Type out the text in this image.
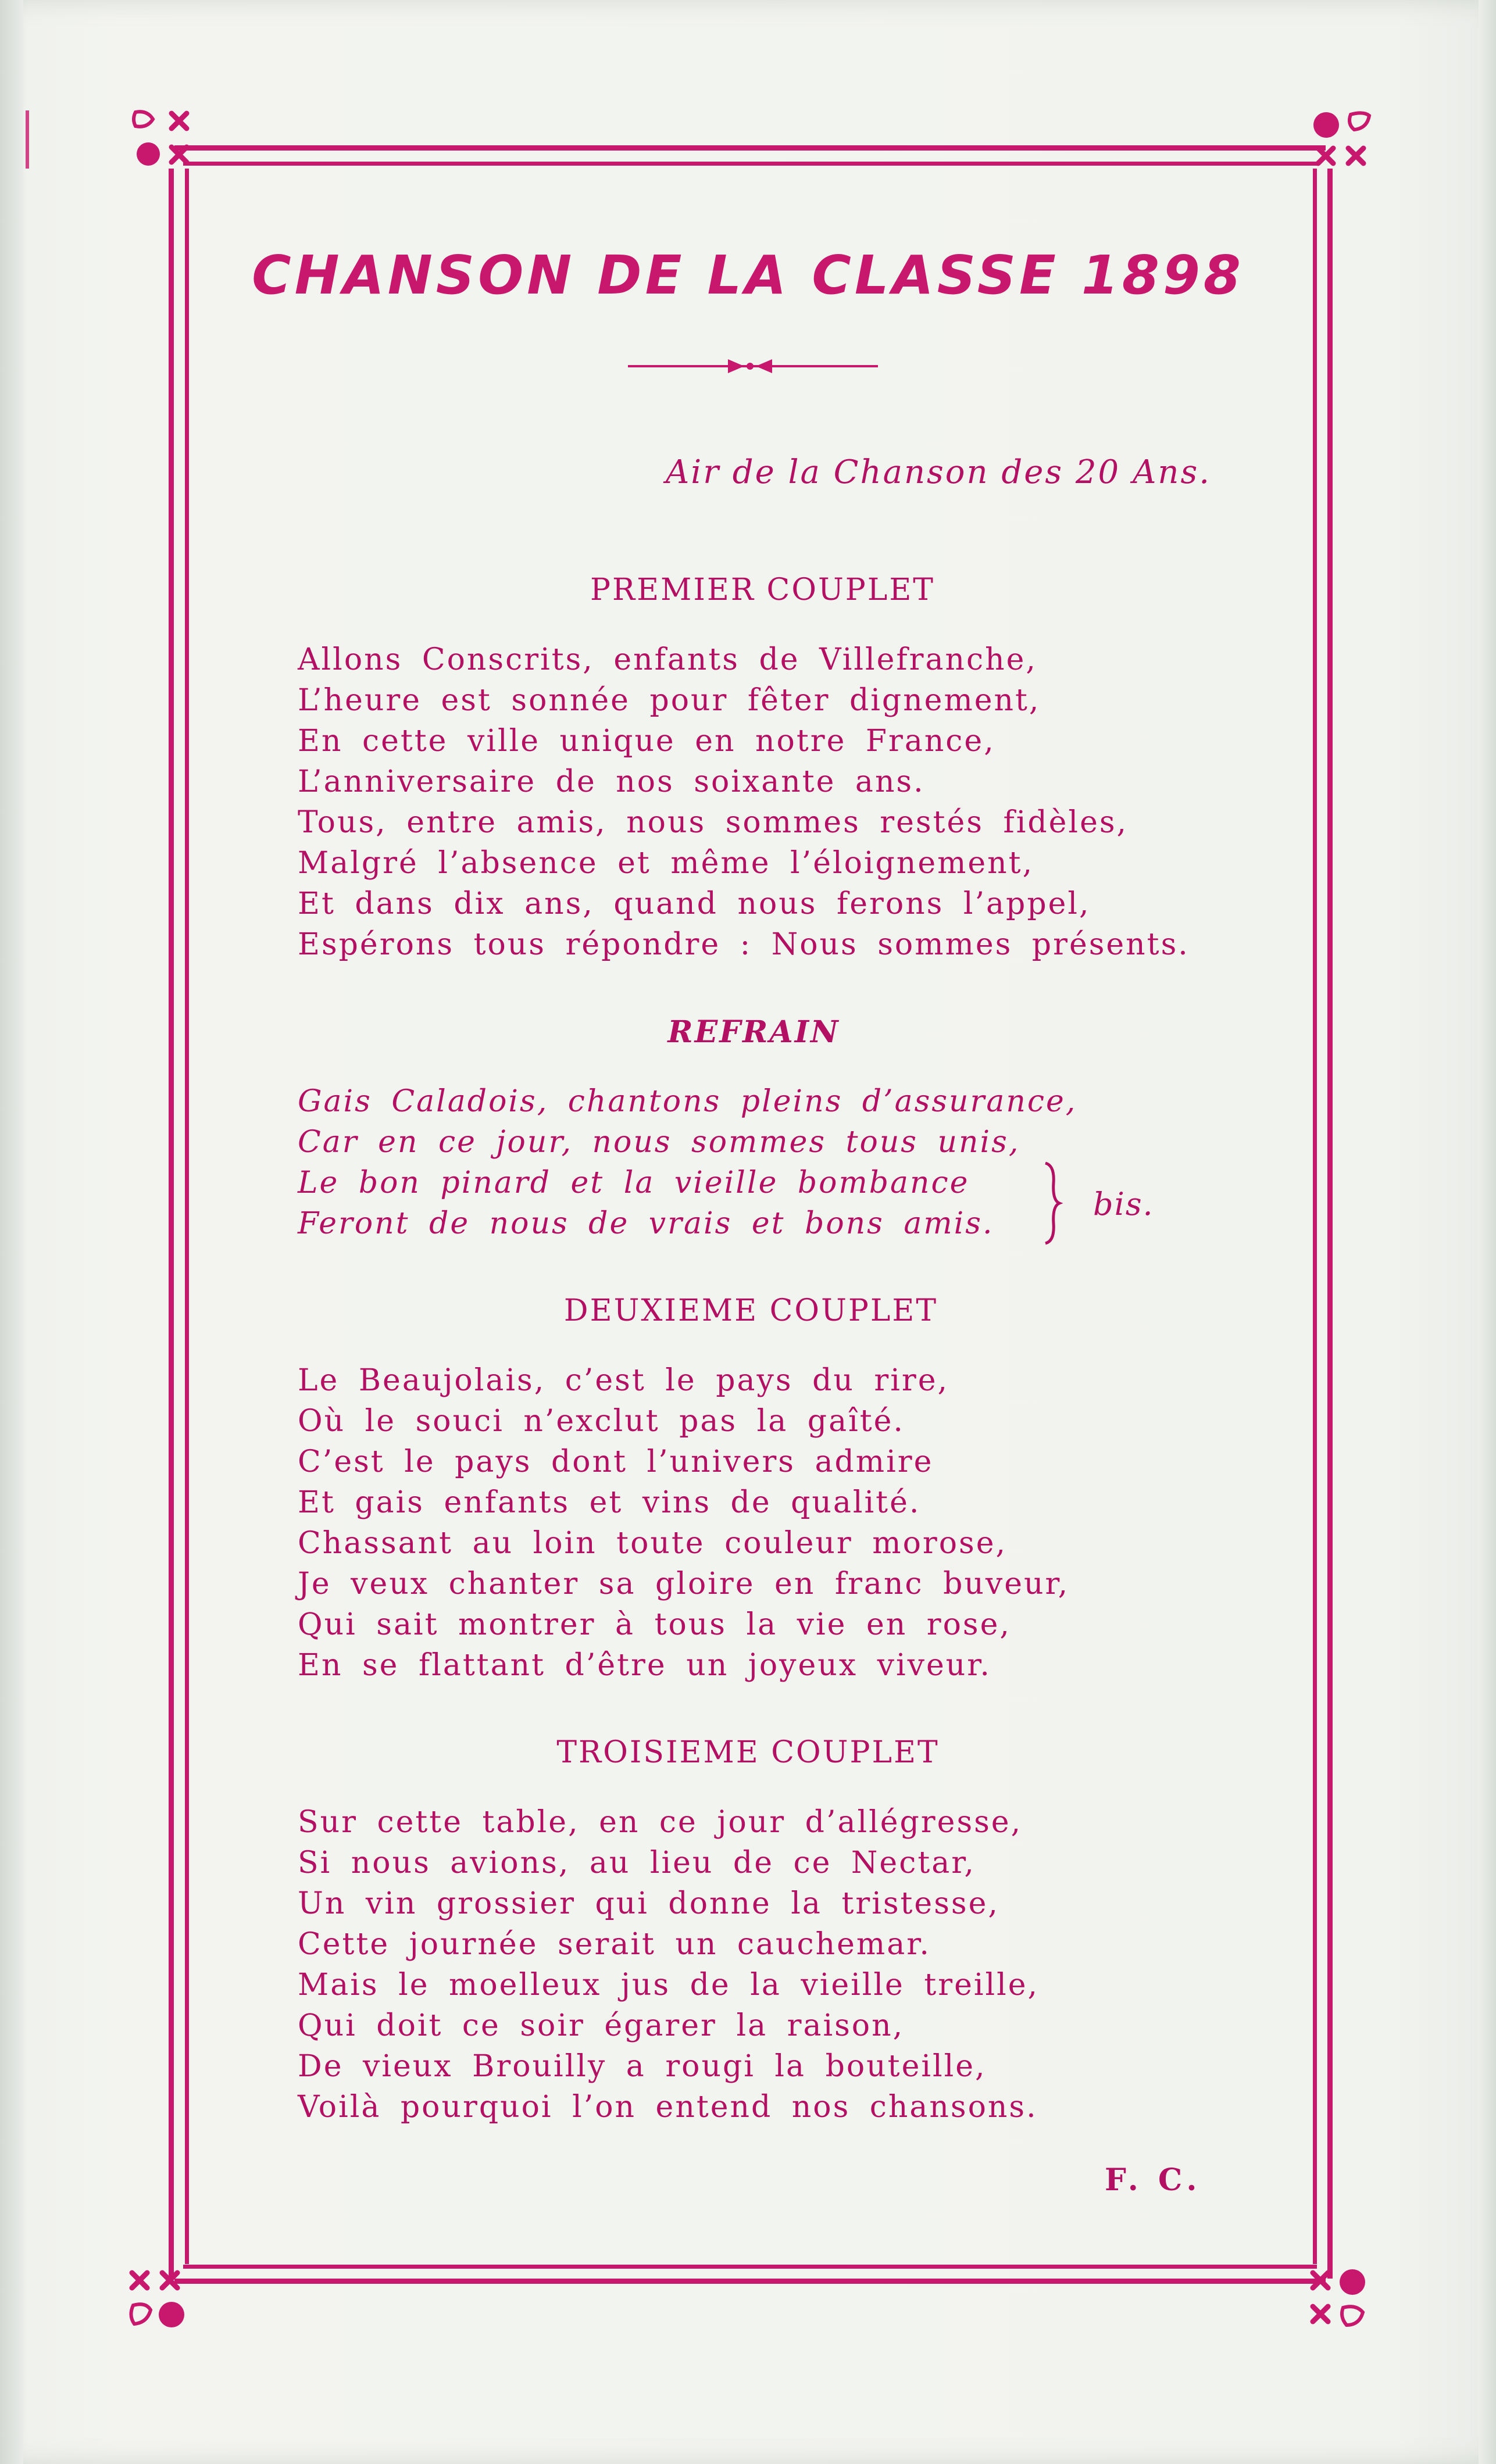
CHANSON DE LA CLASSE 1898
Air de la Chanson des 20 Ans.
PREMIER COUPLET
Allons Conscrits, enfants de Villefranche,
L’heure est sonnée pour fêter dignement,
En cette ville unique en notre France,
L’anniversaire de nos soixante ans.
Tous, entre amis, nous sommes restés fidèles,
Malgré l’absence et même l’éloignement,
Et dans dix ans, quand nous ferons l’appel,
Espérons tous répondre : Nous sommes présents.
REFRAIN
Gais Caladois, chantons pleins d’assurance,
Car en ce jour, nous sommes tous unis,
Le bon pinard et la vieille bombance
Feront de nous de vrais et bons amis.
bis.
DEUXIEME COUPLET
Le Beaujolais, c’est le pays du rire,
Où le souci n’exclut pas la gaîté.
C’est le pays dont l’univers admire
Et gais enfants et vins de qualité.
Chassant au loin toute couleur morose,
Je veux chanter sa gloire en franc buveur,
Qui sait montrer à tous la vie en rose,
En se flattant d’être un joyeux viveur.
TROISIEME COUPLET
Sur cette table, en ce jour d’allégresse,
Si nous avions, au lieu de ce Nectar,
Un vin grossier qui donne la tristesse,
Cette journée serait un cauchemar.
Mais le moelleux jus de la vieille treille,
Qui doit ce soir égarer la raison,
De vieux Brouilly a rougi la bouteille,
Voilà pourquoi l’on entend nos chansons.
F. C.
